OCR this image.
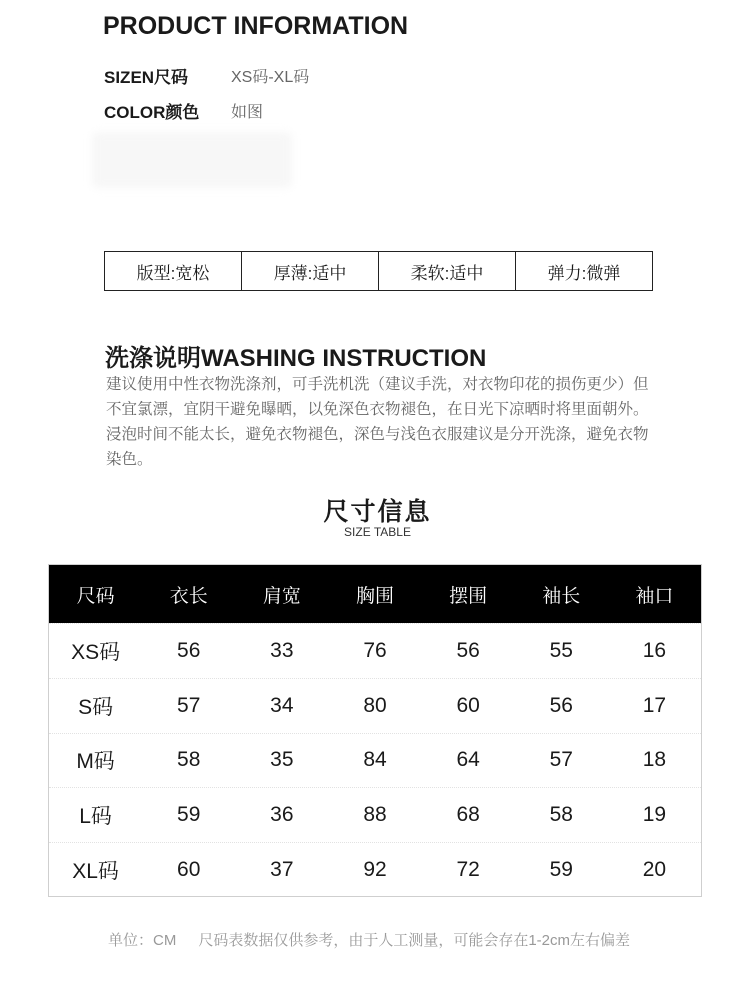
PRODUCT INFORMATION
SIZEN尺码	XS码-XL码
COLOR颜色 如图
版型:宽松	厚薄:适中	柔软:适中	弹力:微弹
洗涤说明WASHING INSTRUCTION
建议使用中性衣物洗涤剂，可手洗机洗（建议手洗，对衣物印花的损伤更少）但不宜氯漂，宜阴干避免曝晒，以免深色衣物褪色，在日光下凉晒时将里面朝外。浸泡时间不能太长，避免衣物褪色，深色与浅色衣服建议是分开洗涤，避免衣物染色。
尺寸信息
SIZE TABLE
尺码	衣长	肩宽	胸围	摆围	袖长	袖口
XS码	56	33	76	56	55	16
S码	57	34	80	60	56	17
M码	58	35	84	64	57	18
L码	59	36	88	68	58	19
XL码	60	37	92	72	59	20
单位：CM 尺码表数据仅供参考，由于人工测量，可能会存在1-2cm左右偏差
